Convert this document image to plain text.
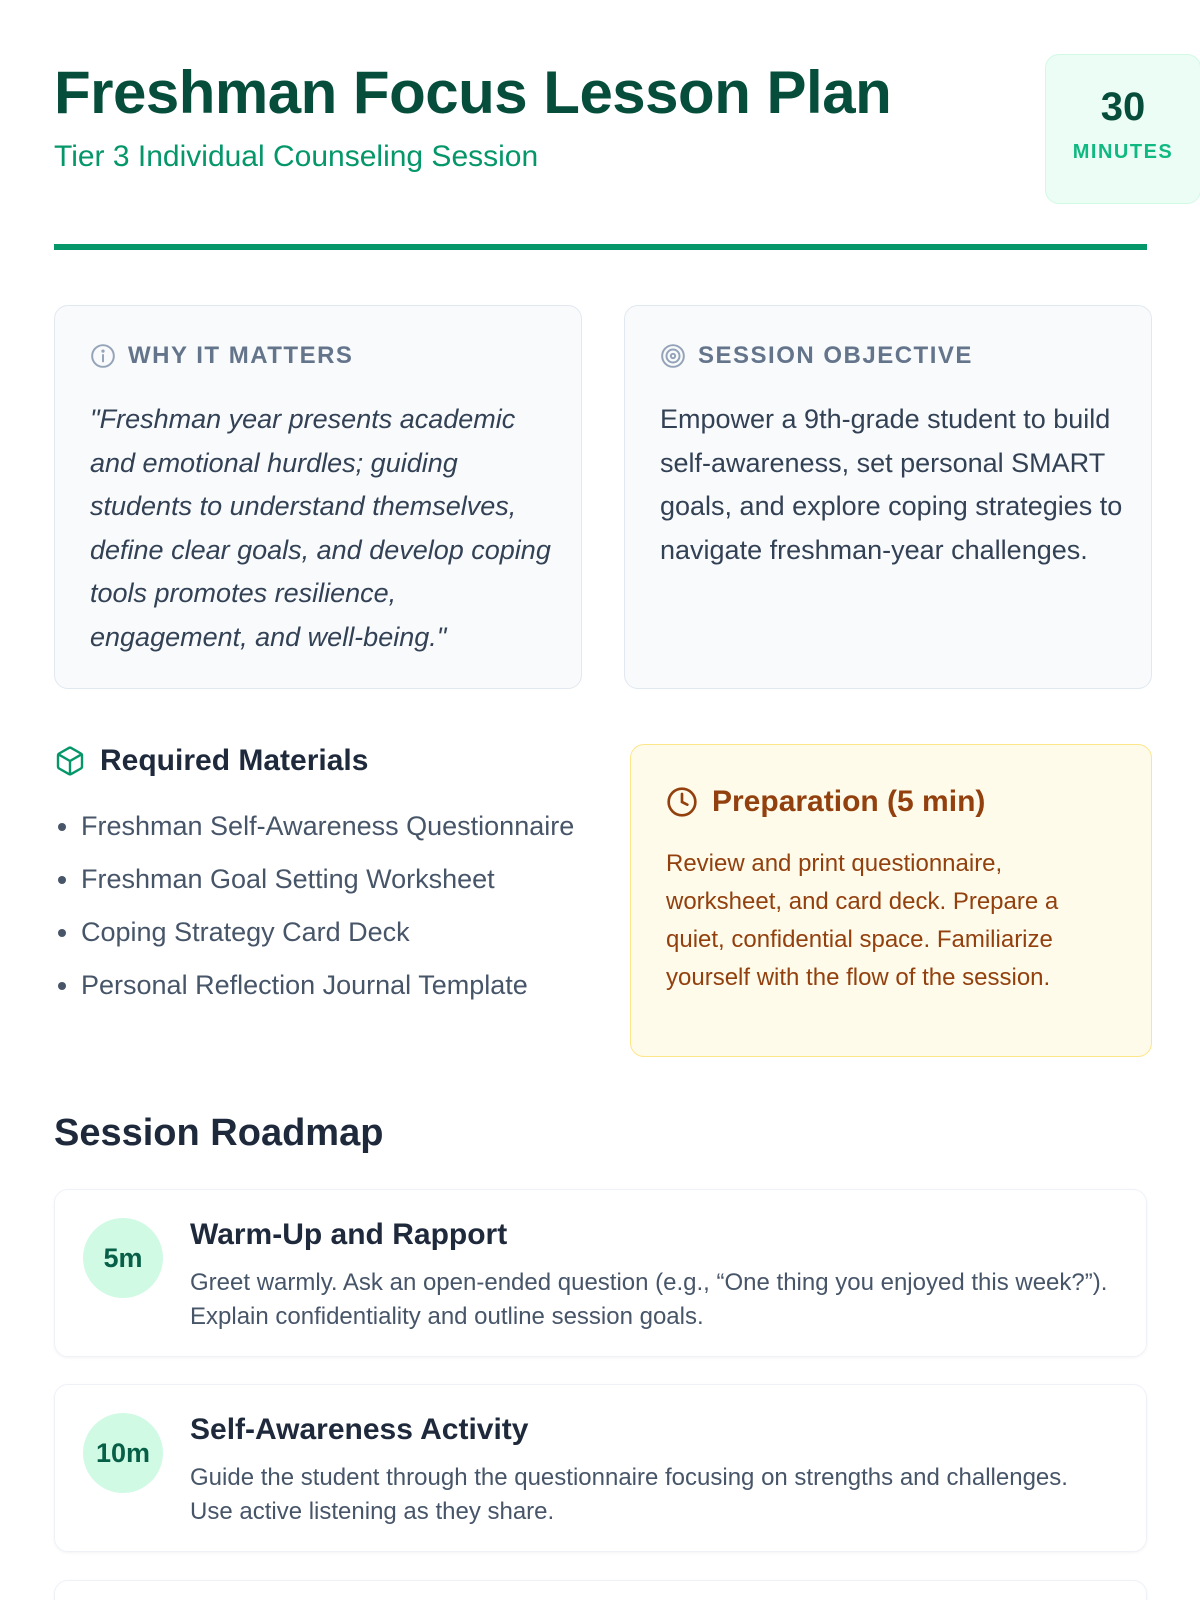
Freshman Focus Lesson Plan
Tier 3 Individual Counseling Session
30
MINUTES
WHY IT MATTERS

"Freshman year presents academic and emotional hurdles; guiding students to understand themselves, define clear goals, and develop coping tools promotes resilience, engagement, and well-being."

SESSION OBJECTIVE

Empower a 9th-grade student to build self-awareness, set personal SMART goals, and explore coping strategies to navigate freshman-year challenges.

Required Materials
• Freshman Self-Awareness Questionnaire
• Freshman Goal Setting Worksheet
• Coping Strategy Card Deck
• Personal Reflection Journal Template
Preparation (5 min)

Review and print questionnaire, worksheet, and card deck. Prepare a quiet, confidential space. Familiarize yourself with the flow of the session.

Session Roadmap
5m
Warm-Up and Rapport

Greet warmly. Ask an open-ended question (e.g., “One thing you enjoyed this week?”). Explain confidentiality and outline session goals.

10m
Self-Awareness Activity

Guide the student through the questionnaire focusing on strengths and challenges. Use active listening as they share.
